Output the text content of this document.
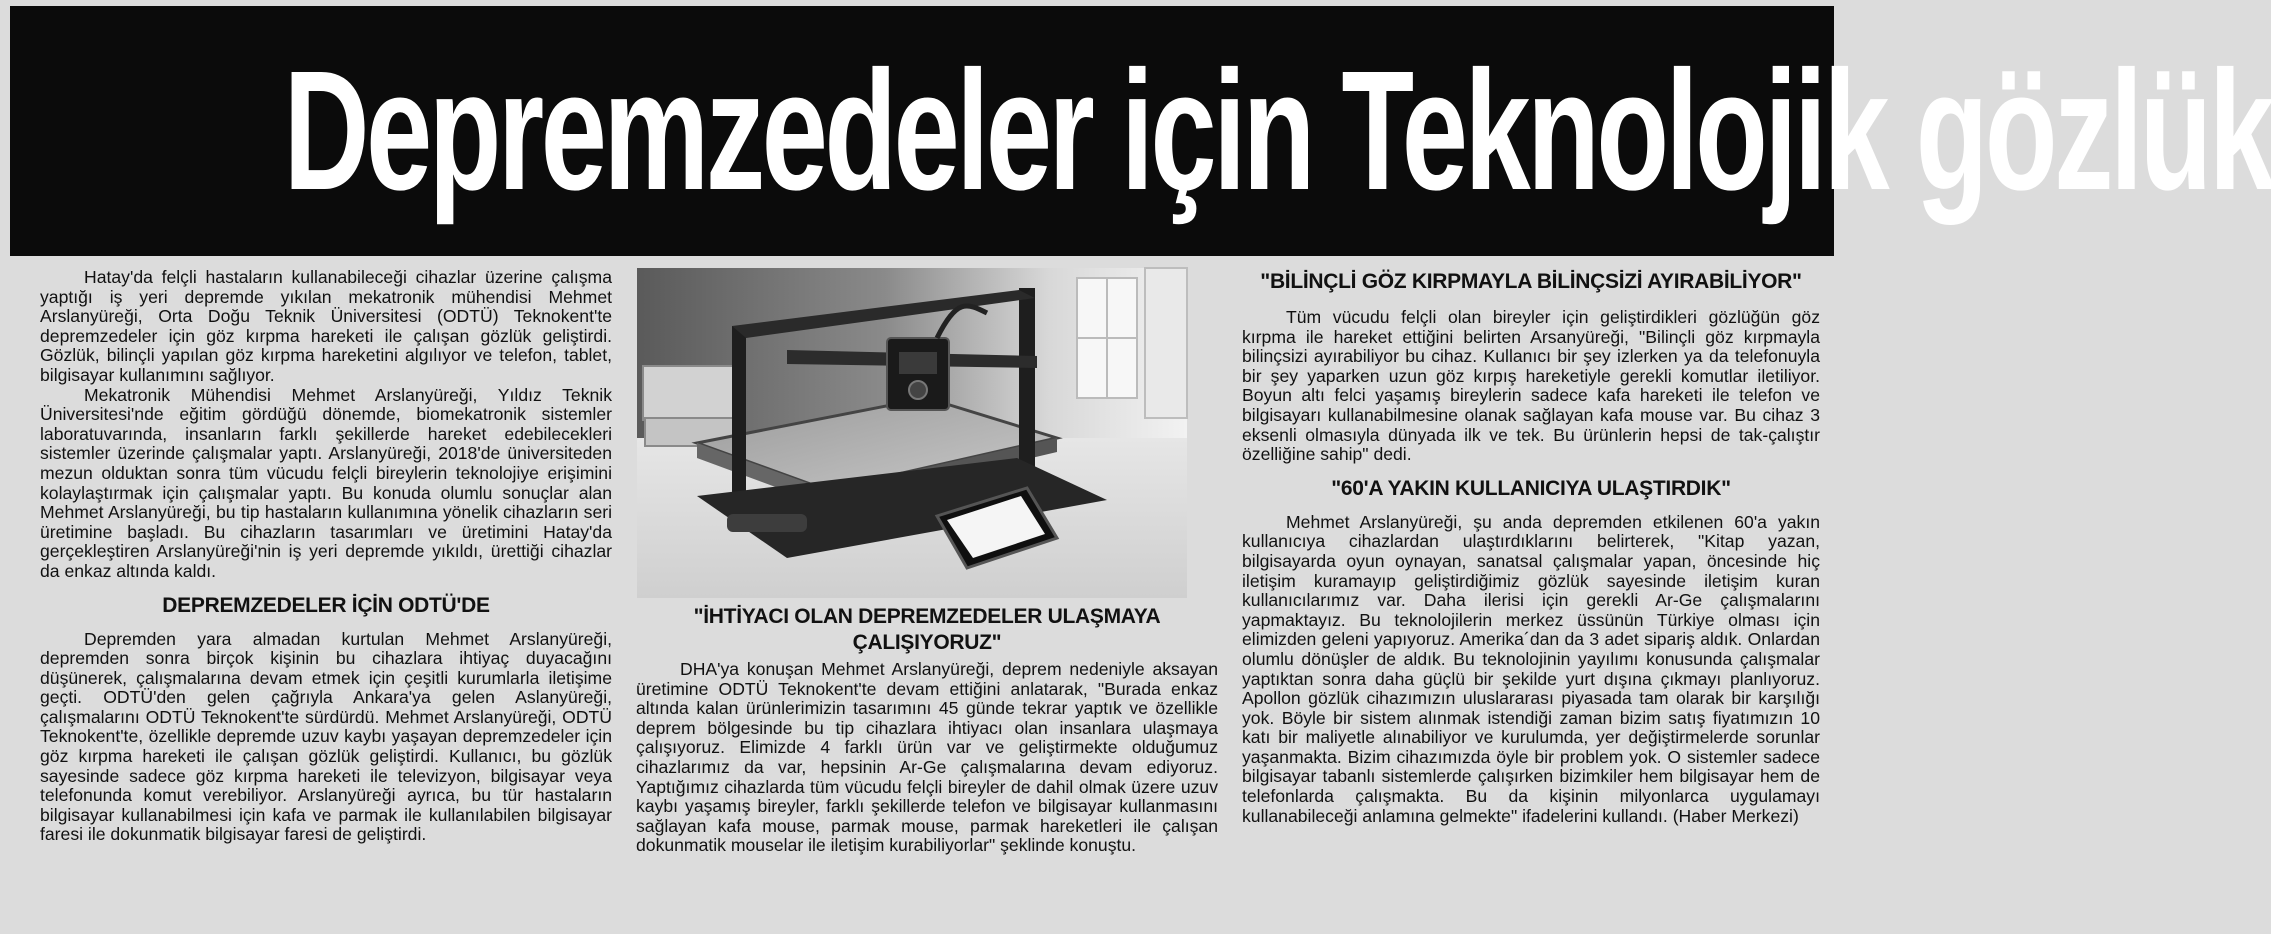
Depremzedeler için Teknolojik gözlük

Hatay'da felçli hastaların kullanabileceği cihazlar üzerine çalışma yaptığı iş yeri depremde yıkılan mekatronik mühendisi Mehmet Arslanyüreği, Orta Doğu Teknik Üniversitesi (ODTÜ) Teknokent'te depremzedeler için göz kırpma hareketi ile çalışan gözlük geliştirdi. Gözlük, bilinçli yapılan göz kırpma hareketini algılıyor ve telefon, tablet, bilgisayar kullanımını sağlıyor.

Mekatronik Mühendisi Mehmet Arslanyüreği, Yıldız Teknik Üniversitesi'nde eğitim gördüğü dönemde, biomekatronik sistemler laboratuvarında, insanların farklı şekillerde hareket edebilecekleri sistemler üzerinde çalışmalar yaptı. Arslanyüreği, 2018'de üniversiteden mezun olduktan sonra tüm vücudu felçli bireylerin teknolojiye erişimini kolaylaştırmak için çalışmalar yaptı. Bu konuda olumlu sonuçlar alan Mehmet Arslanyüreği, bu tip hastaların kullanımına yönelik cihazların seri üretimine başladı. Bu cihazların tasarımları ve üretimini Hatay'da gerçekleştiren Arslanyüreği'nin iş yeri depremde yıkıldı, ürettiği cihazlar da enkaz altında kaldı.

DEPREMZEDELER İÇİN ODTÜ'DE

Depremden yara almadan kurtulan Mehmet Arslanyüreği, depremden sonra birçok kişinin bu cihazlara ihtiyaç duyacağını düşünerek, çalışmalarına devam etmek için çeşitli kurumlarla iletişime geçti. ODTÜ'den gelen çağrıyla Ankara'ya gelen Aslanyüreği, çalışmalarını ODTÜ Teknokent'te sürdürdü. Mehmet Arslanyüreği, ODTÜ Teknokent'te, özellikle depremde uzuv kaybı yaşayan depremzedeler için göz kırpma hareketi ile çalışan gözlük geliştirdi. Kullanıcı, bu gözlük sayesinde sadece göz kırpma hareketi ile televizyon, bilgisayar veya telefonunda komut verebiliyor. Arslanyüreği ayrıca, bu tür hastaların bilgisayar kullanabilmesi için kafa ve parmak ile kullanılabilen bilgisayar faresi ile dokunmatik bilgisayar faresi de geliştirdi.

"İHTİYACI OLAN DEPREMZEDELER ULAŞMAYA ÇALIŞIYORUZ"

DHA'ya konuşan Mehmet Arslanyüreği, deprem nedeniyle aksayan üretimine ODTÜ Teknokent'te devam ettiğini anlatarak, "Burada enkaz altında kalan ürünlerimizin tasarımını 45 günde tekrar yaptık ve özellikle deprem bölgesinde bu tip cihazlara ihtiyacı olan insanlara ulaşmaya çalışıyoruz. Elimizde 4 farklı ürün var ve geliştirmekte olduğumuz cihazlarımız da var, hepsinin Ar-Ge çalışmalarına devam ediyoruz. Yaptığımız cihazlarda tüm vücudu felçli bireyler de dahil olmak üzere uzuv kaybı yaşamış bireyler, farklı şekillerde telefon ve bilgisayar kullanmasını sağlayan kafa mouse, parmak mouse, parmak hareketleri ile çalışan dokunmatik mouselar ile iletişim kurabiliyorlar" şeklinde konuştu.

"BİLİNÇLİ GÖZ KIRPMAYLA BİLİNÇSİZİ AYIRABİLİYOR"

Tüm vücudu felçli olan bireyler için geliştirdikleri gözlüğün göz kırpma ile hareket ettiğini belirten Arsanyüreği, "Bilinçli göz kırpmayla bilinçsizi ayırabiliyor bu cihaz. Kullanıcı bir şey izlerken ya da telefonuyla bir şey yaparken uzun göz kırpış hareketiyle gerekli komutlar iletiliyor. Boyun altı felci yaşamış bireylerin sadece kafa hareketi ile telefon ve bilgisayarı kullanabilmesine olanak sağlayan kafa mouse var. Bu cihaz 3 eksenli olmasıyla dünyada ilk ve tek. Bu ürünlerin hepsi de tak-çalıştır özelliğine sahip" dedi.

"60'A YAKIN KULLANICIYA ULAŞTIRDIK"

Mehmet Arslanyüreği, şu anda depremden etkilenen 60'a yakın kullanıcıya cihazlardan ulaştırdıklarını belirterek, "Kitap yazan, bilgisayarda oyun oynayan, sanatsal çalışmalar yapan, öncesinde hiç iletişim kuramayıp geliştirdiğimiz gözlük sayesinde iletişim kuran kullanıcılarımız var. Daha ilerisi için gerekli Ar-Ge çalışmalarını yapmaktayız. Bu teknolojilerin merkez üssünün Türkiye olması için elimizden geleni yapıyoruz. Amerika´dan da 3 adet sipariş aldık. Onlardan olumlu dönüşler de aldık. Bu teknolojinin yayılımı konusunda çalışmalar yaptıktan sonra daha güçlü bir şekilde yurt dışına çıkmayı planlıyoruz. Apollon gözlük cihazımızın uluslararası piyasada tam olarak bir karşılığı yok. Böyle bir sistem alınmak istendiği zaman bizim satış fiyatımızın 10 katı bir maliyetle alınabiliyor ve kurulumda, yer değiştirmelerde sorunlar yaşanmakta. Bizim cihazımızda öyle bir problem yok. O sistemler sadece bilgisayar tabanlı sistemlerde çalışırken bizimkiler hem bilgisayar hem de telefonlarda çalışmakta. Bu da kişinin milyonlarca uygulamayı kullanabileceği anlamına gelmekte" ifadelerini kullandı. (Haber Merkezi)
